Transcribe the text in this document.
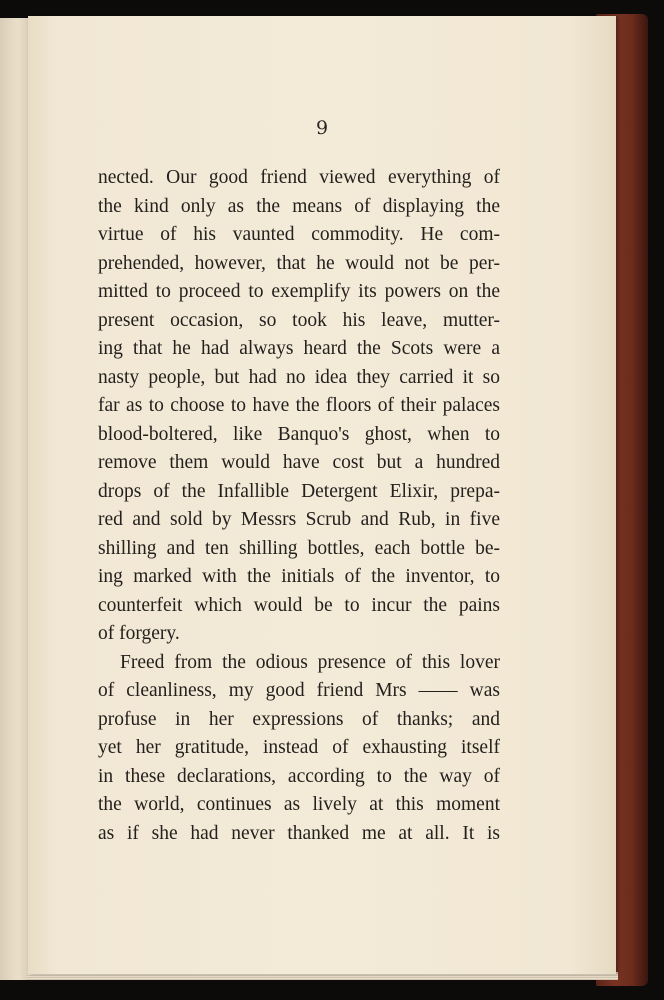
9

nected. Our good friend viewed everything of
the kind only as the means of displaying the
virtue of his vaunted commodity. He com-
prehended, however, that he would not be per-
mitted to proceed to exemplify its powers on the
present occasion, so took his leave, mutter-
ing that he had always heard the Scots were a
nasty people, but had no idea they carried it so
far as to choose to have the floors of their palaces
blood-boltered, like Banquo's ghost, when to
remove them would have cost but a hundred
drops of the Infallible Detergent Elixir, prepa-
red and sold by Messrs Scrub and Rub, in five
shilling and ten shilling bottles, each bottle be-
ing marked with the initials of the inventor, to
counterfeit which would be to incur the pains
of forgery.
Freed from the odious presence of this lover
of cleanliness, my good friend Mrs —— was
profuse in her expressions of thanks; and
yet her gratitude, instead of exhausting itself
in these declarations, according to the way of
the world, continues as lively at this moment
as if she had never thanked me at all. It is
